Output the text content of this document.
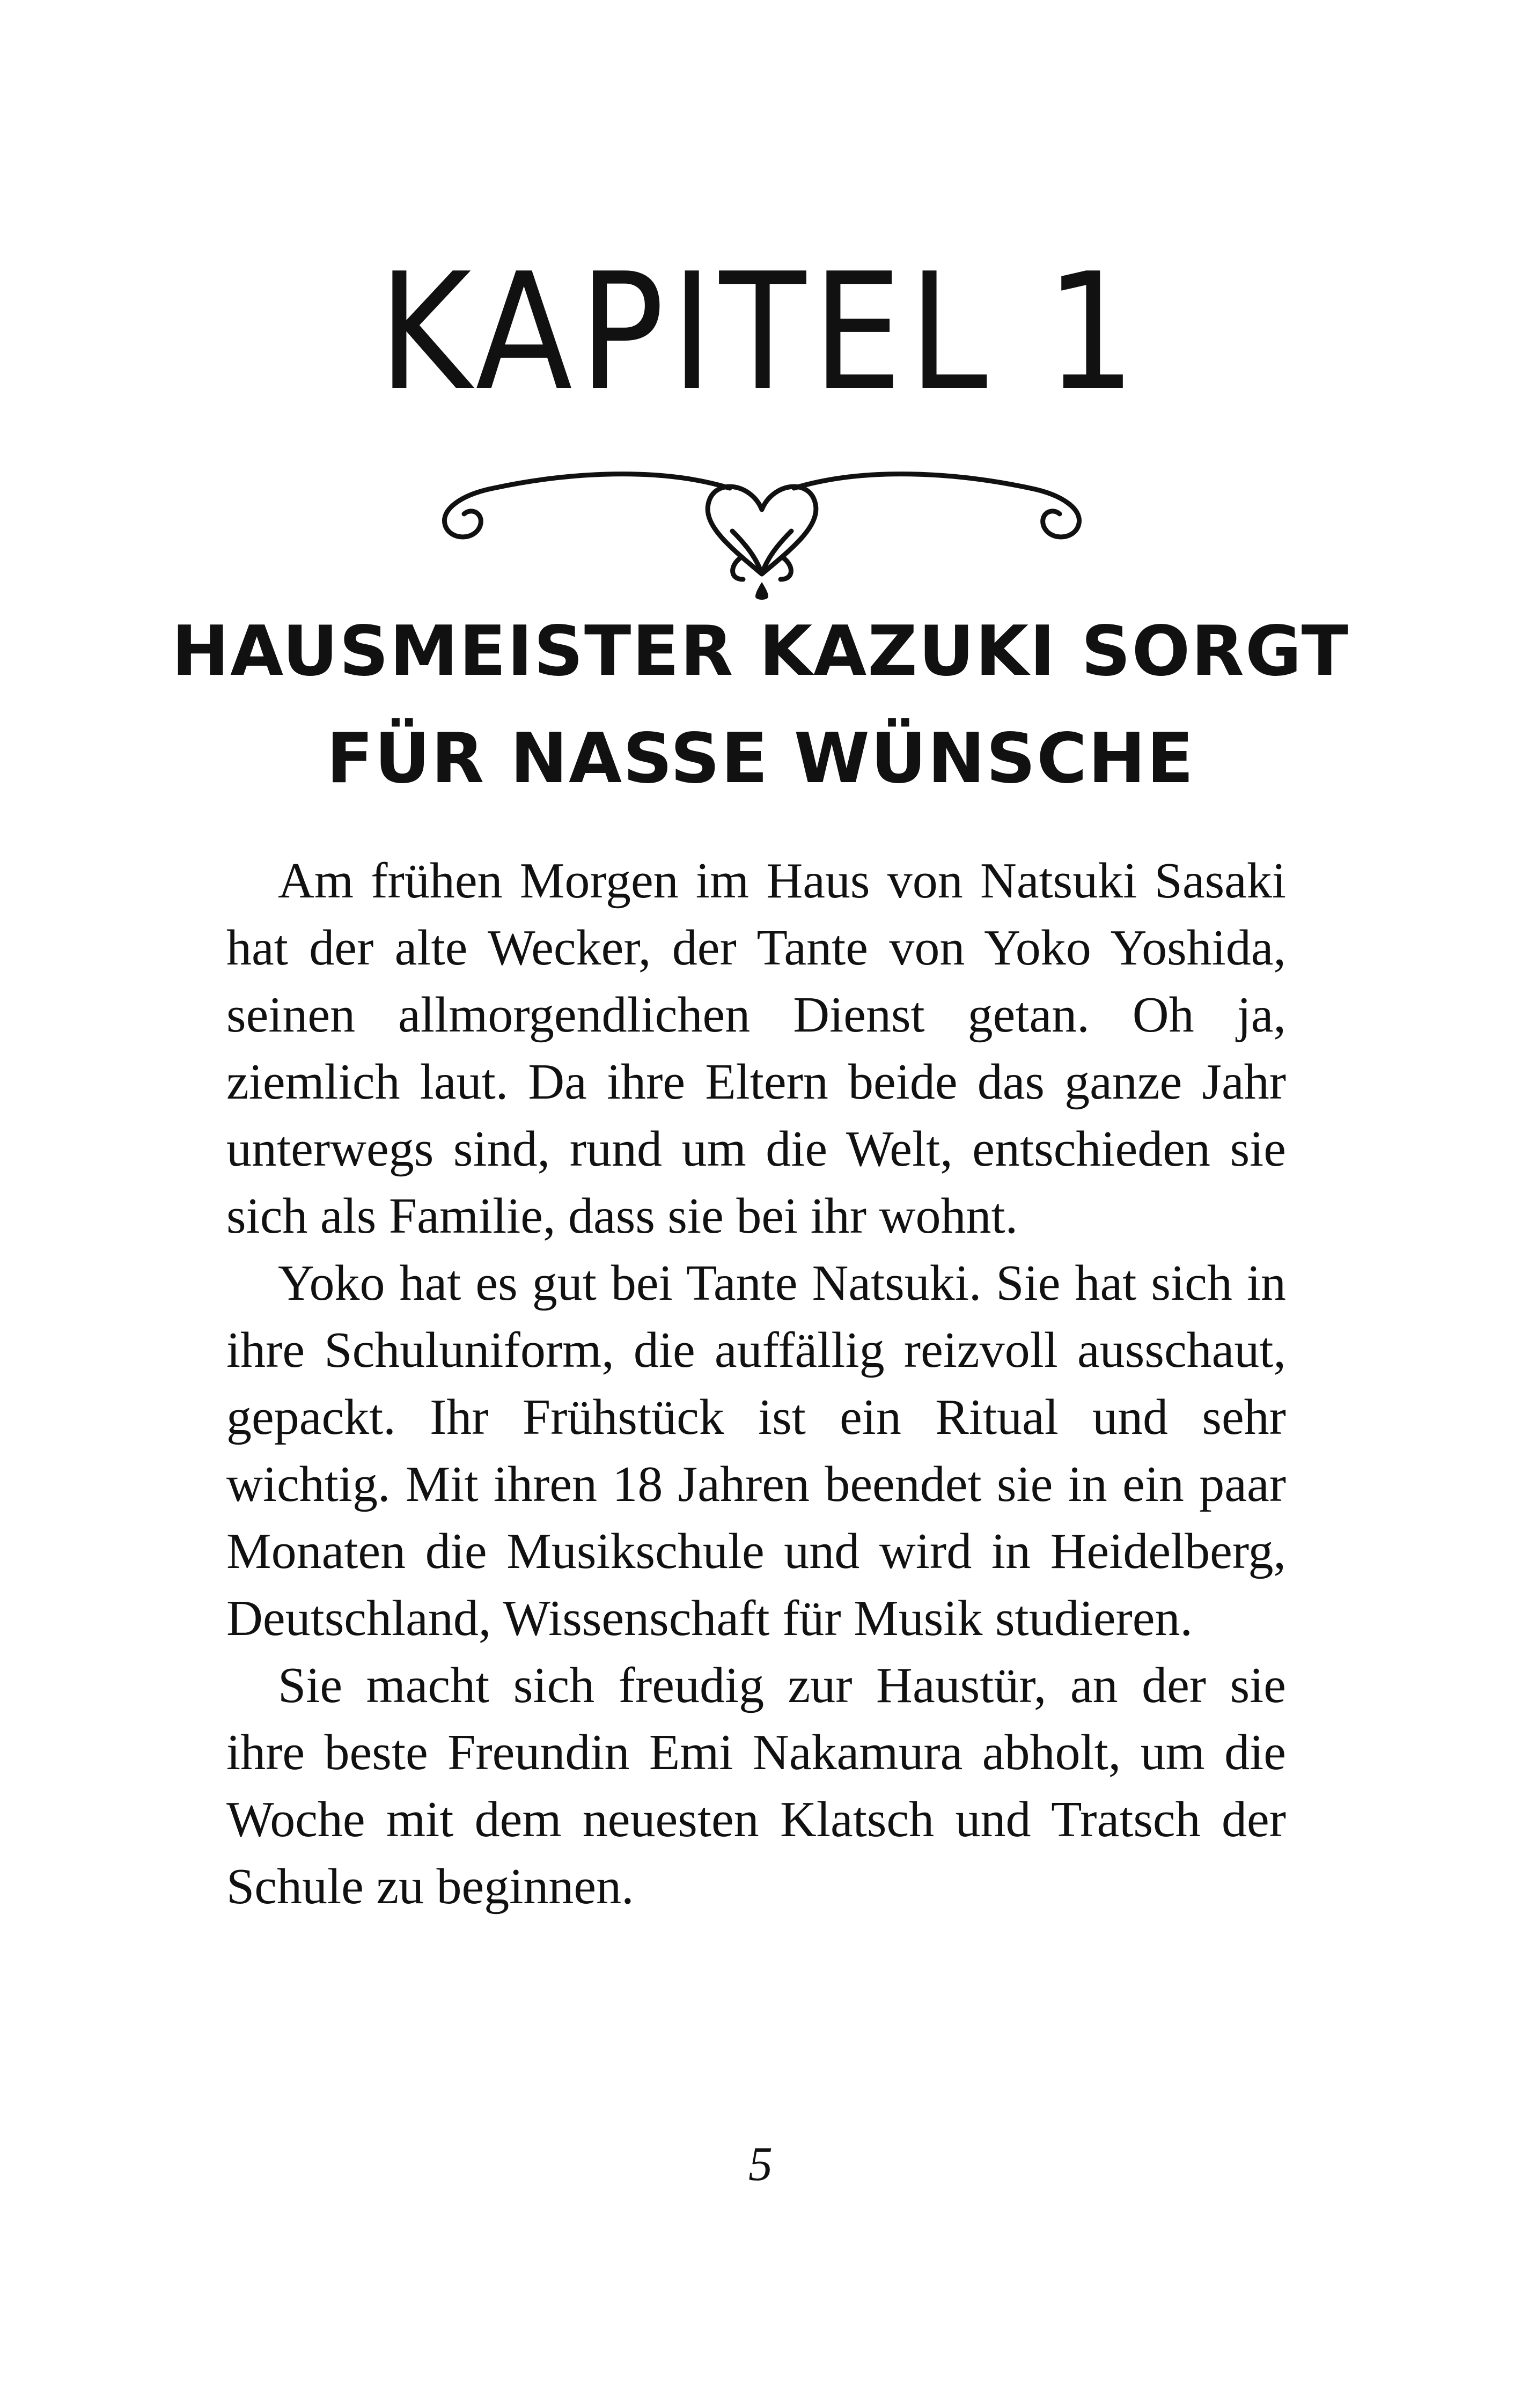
KAPITEL 1
HAUSMEISTER KAZUKI SORGT FÜR NASSE WÜNSCHE

Am frühen Morgen im Haus von Natsuki Sasaki hat der alte Wecker, der Tante von Yoko Yoshida, seinen allmorgendlichen Dienst getan. Oh ja, ziemlich laut. Da ihre Eltern beide das ganze Jahr unterwegs sind, rund um die Welt, entschieden sie sich als Familie, dass sie bei ihr wohnt.

Yoko hat es gut bei Tante Natsuki. Sie hat sich in ihre Schuluniform, die auffällig reizvoll ausschaut, gepackt. Ihr Frühstück ist ein Ritual und sehr wichtig. Mit ihren 18 Jahren beendet sie in ein paar Monaten die Musikschule und wird in Heidelberg, Deutschland, Wissenschaft für Musik studieren.

Sie macht sich freudig zur Haustür, an der sie ihre beste Freundin Emi Nakamura abholt, um die Woche mit dem neuesten Klatsch und Tratsch der Schule zu beginnen.

5
